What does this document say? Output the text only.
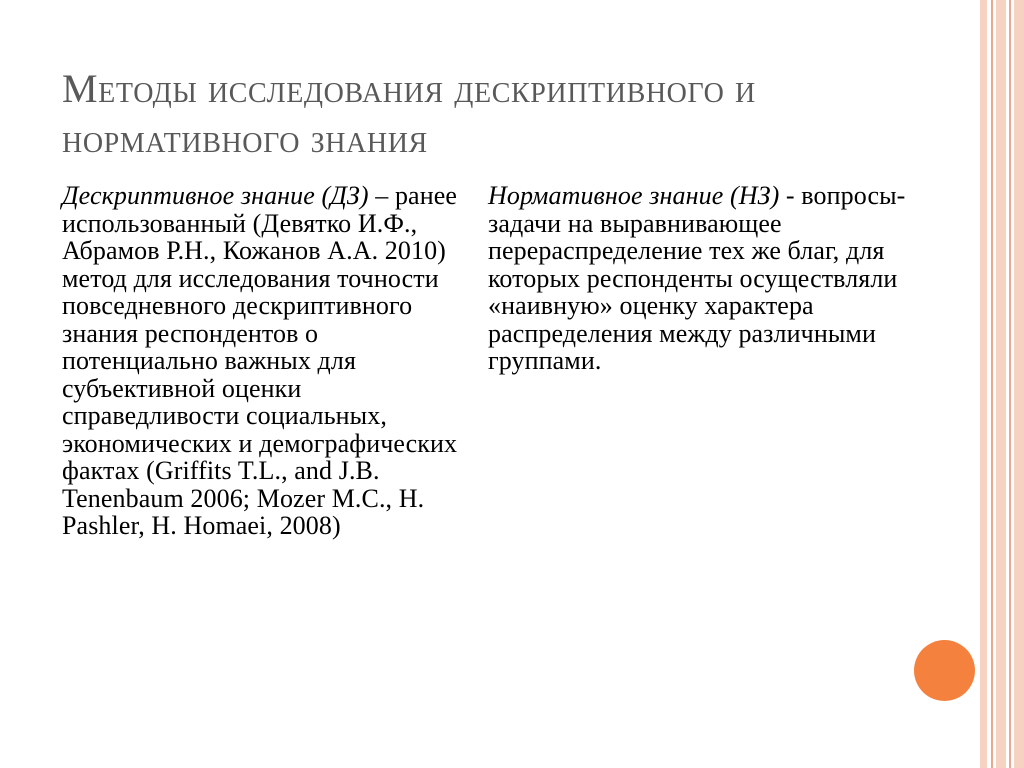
Методы исследования дескриптивного и нормативного знания
Дескриптивное знание (ДЗ) – ранее использованный (Девятко И.Ф., Абрамов Р.Н., Кожанов А.А. 2010) метод для исследования точности повседневного дескриптивного знания респондентов о потенциально важных для субъективной оценки справедливости социальных, экономических и демографических фактах (Griffits T.L., and J.B. Tenenbaum 2006; Mozer M.C., H. Pashler, H. Homaei, 2008)
Нормативное знание (НЗ) - вопросы-задачи на выравнивающее перераспределение тех же благ, для которых респонденты осуществляли «наивную» оценку характера распределения между различными группами.
